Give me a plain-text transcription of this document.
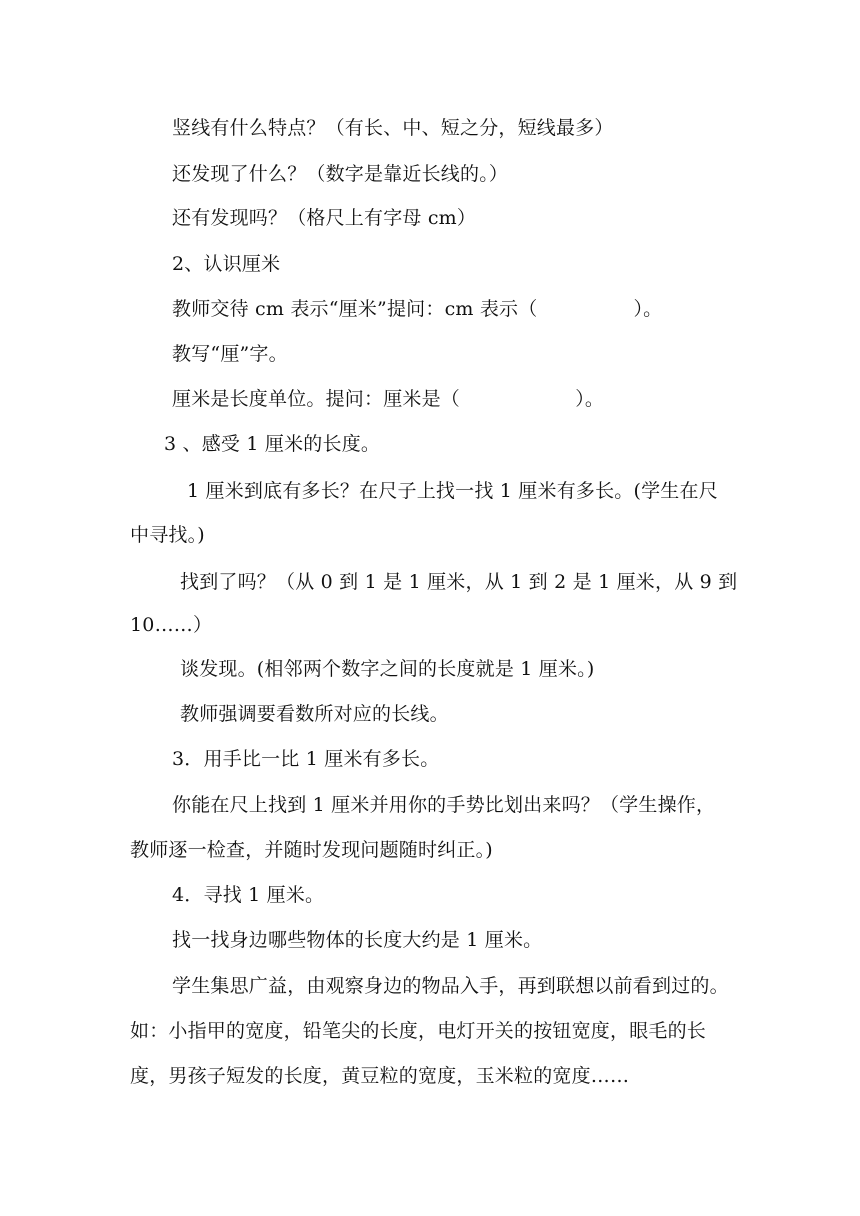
竖线有什么特点？（有长、中、短之分，短线最多）
还发现了什么？（数字是靠近长线的。）
还有发现吗？（格尺上有字母 cm）
2、认识厘米
教师交待 cm 表示“厘米”提问：cm 表示（　　　　　）。
教写“厘”字。
厘米是长度单位。提问：厘米是（　　　　　　）。
3 、感受 1 厘米的长度。
1 厘米到底有多长？在尺子上找一找 1 厘米有多长。(学生在尺
中寻找。)
找到了吗？（从 0 到 1 是 1 厘米，从 1 到 2 是 1 厘米，从 9 到
10……）
谈发现。(相邻两个数字之间的长度就是 1 厘米。)
教师强调要看数所对应的长线。
3．用手比一比 1 厘米有多长。
你能在尺上找到 1 厘米并用你的手势比划出来吗？（学生操作，
教师逐一检查，并随时发现问题随时纠正。)
4．寻找 1 厘米。
找一找身边哪些物体的长度大约是 1 厘米。
学生集思广益，由观察身边的物品入手，再到联想以前看到过的。
如：小指甲的宽度，铅笔尖的长度，电灯开关的按钮宽度，眼毛的长
度，男孩子短发的长度，黄豆粒的宽度，玉米粒的宽度……
